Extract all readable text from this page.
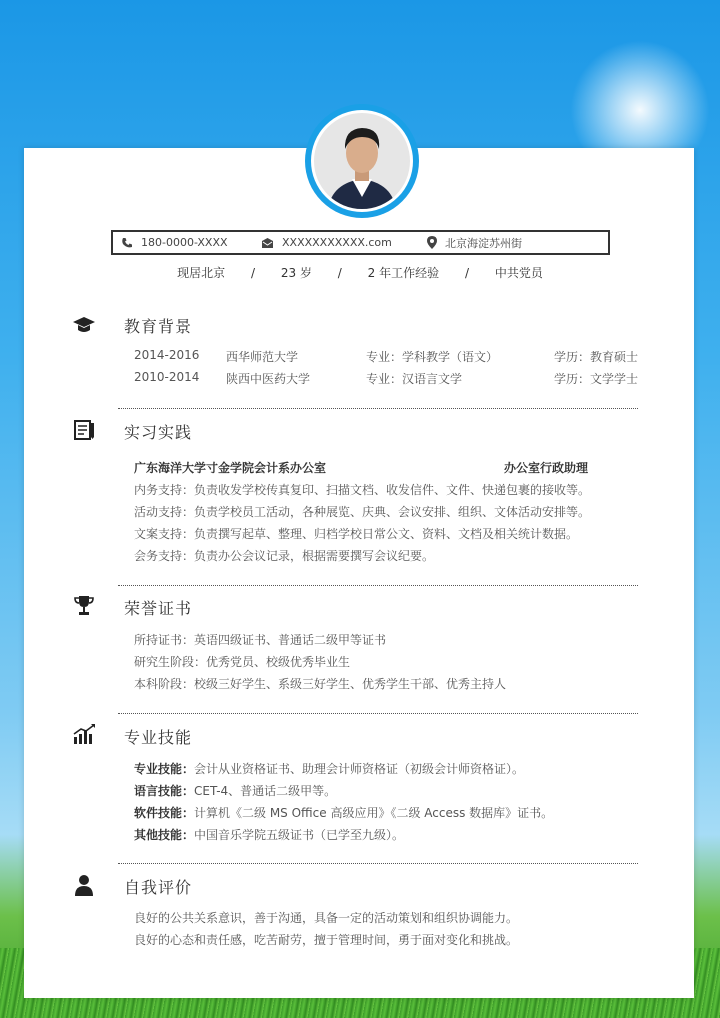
180-0000-XXXX	XXXXXXXXXXX.com	北京海淀苏州街
现居北京 / 23 岁 / 2 年工作经验 / 中共党员
教育背景
2014-2016 西华师范大学	专业：学科教学（语文）	学历：教育硕士
2010-2014 陕西中医药大学	专业：汉语言文学	学历：文学学士
实习实践
广东海洋大学寸金学院会计系办公室	办公室行政助理
内务支持：负责收发学校传真复印、扫描文档、收发信件、文件、快递包裹的接收等。
活动支持：负责学校员工活动，各种展览、庆典、会议安排、组织、文体活动安排等。
文案支持：负责撰写起草、整理、归档学校日常公文、资料、文档及相关统计数据。
会务支持：负责办公会议记录，根据需要撰写会议纪要。
荣誉证书
所持证书：英语四级证书、普通话二级甲等证书
研究生阶段：优秀党员、校级优秀毕业生
本科阶段：校级三好学生、系级三好学生、优秀学生干部、优秀主持人
专业技能
专业技能：会计从业资格证书、助理会计师资格证（初级会计师资格证）。
语言技能：CET-4、普通话二级甲等。
软件技能：计算机《二级 MS Office 高级应用》《二级 Access 数据库》证书。
其他技能：中国音乐学院五级证书（已学至九级）。
自我评价
良好的公共关系意识，善于沟通，具备一定的活动策划和组织协调能力。
良好的心态和责任感，吃苦耐劳，擅于管理时间，勇于面对变化和挑战。
